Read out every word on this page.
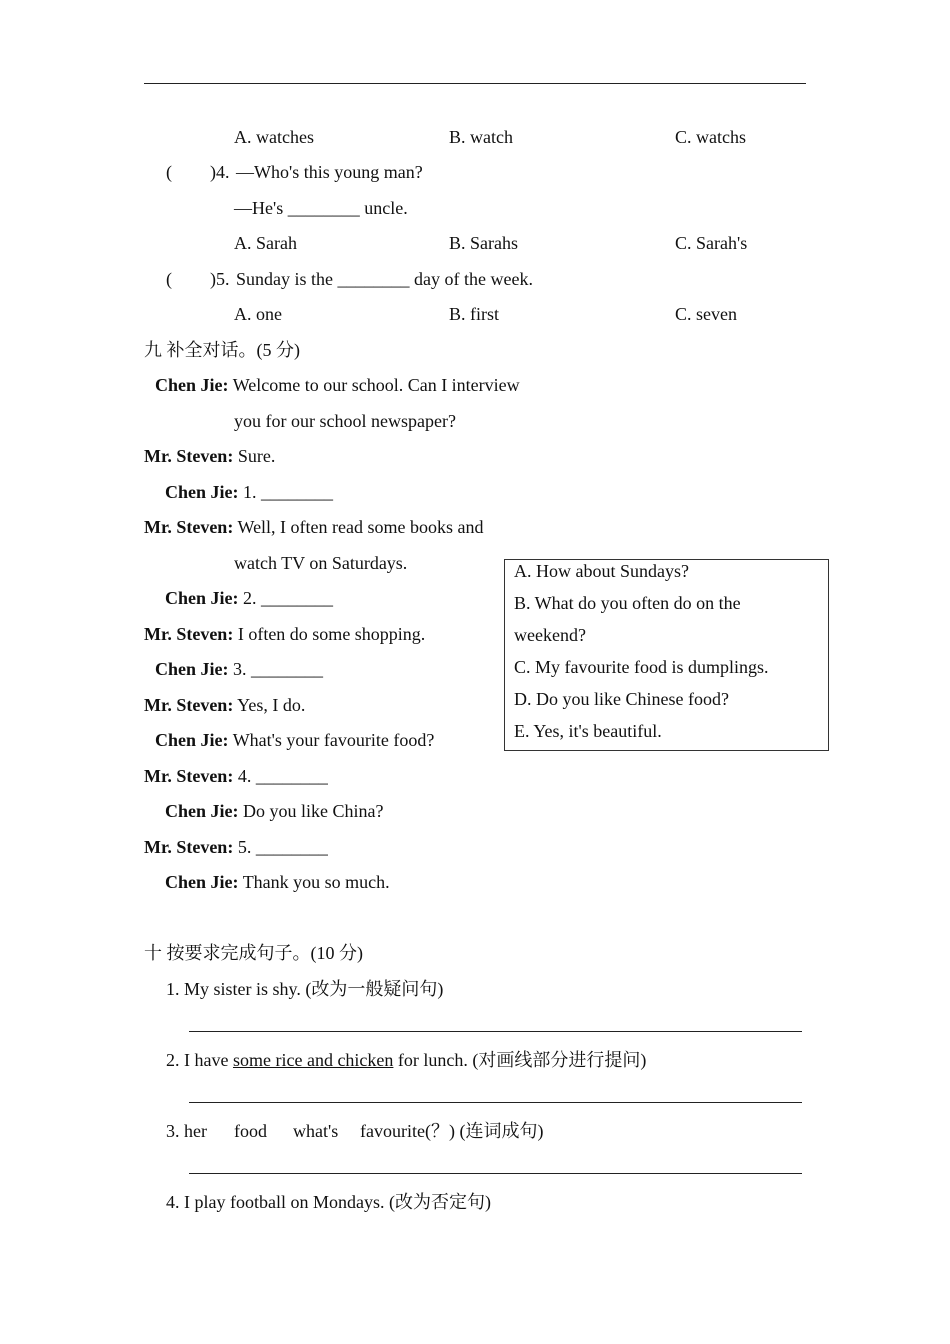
A. watches	B. watch	C. watchs
( )4. —Who's this young man?
—He's ________ uncle.
A. Sarah	B. Sarahs	C. Sarah's
( )5. Sunday is the ________ day of the week.
A. one	B. first	C. seven
九 补全对话。(5 分)
Chen Jie: Welcome to our school. Can I interview
you for our school newspaper?
Mr. Steven: Sure.
Chen Jie: 1. ________
Mr. Steven: Well, I often read some books and
watch TV on Saturdays.
Chen Jie: 2. ________
Mr. Steven: I often do some shopping.
Chen Jie: 3. ________
Mr. Steven: Yes, I do.
Chen Jie: What's your favourite food?
Mr. Steven: 4. ________
Chen Jie: Do you like China?
Mr. Steven: 5. ________
Chen Jie: Thank you so much.
A. How about Sundays?
B. What do you often do on the
weekend?
C. My favourite food is dumplings.
D. Do you like Chinese food?
E. Yes, it's beautiful.
十 按要求完成句子。(10 分)
1. My sister is shy. (改为一般疑问句)
2. I have some rice and chicken for lunch. (对画线部分进行提问)
3. her food what's favourite(？) (连词成句)
4. I play football on Mondays. (改为否定句)
